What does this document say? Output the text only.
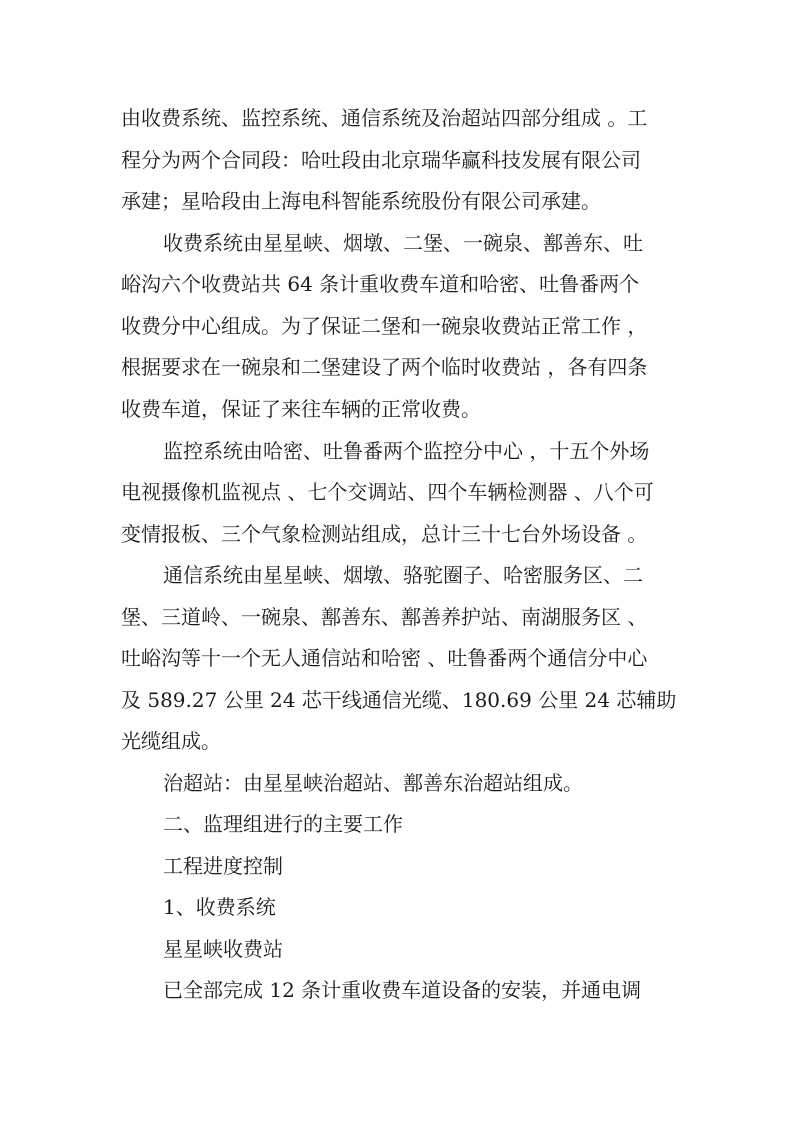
由收费系统、监控系统、通信系统及治超站四部分组成 。工
程分为两个合同段：哈吐段由北京瑞华赢科技发展有限公司
承建；星哈段由上海电科智能系统股份有限公司承建。
收费系统由星星峡、烟墩、二堡、一碗泉、鄯善东、吐
峪沟六个收费站共 64 条计重收费车道和哈密、吐鲁番两个
收费分中心组成。为了保证二堡和一碗泉收费站正常工作 ，
根据要求在一碗泉和二堡建设了两个临时收费站 ，各有四条
收费车道，保证了来往车辆的正常收费。
监控系统由哈密、吐鲁番两个监控分中心 ，十五个外场
电视摄像机监视点 、七个交调站、四个车辆检测器 、八个可
变情报板、三个气象检测站组成，总计三十七台外场设备 。
通信系统由星星峡、烟墩、骆驼圈子、哈密服务区、二
堡、三道岭、一碗泉、鄯善东、鄯善养护站、南湖服务区 、
吐峪沟等十一个无人通信站和哈密 、吐鲁番两个通信分中心
及 589.27 公里 24 芯干线通信光缆、180.69 公里 24 芯辅助
光缆组成。
治超站：由星星峡治超站、鄯善东治超站组成。
二、监理组进行的主要工作
工程进度控制
1、收费系统
星星峡收费站
已全部完成 12 条计重收费车道设备的安装，并通电调
